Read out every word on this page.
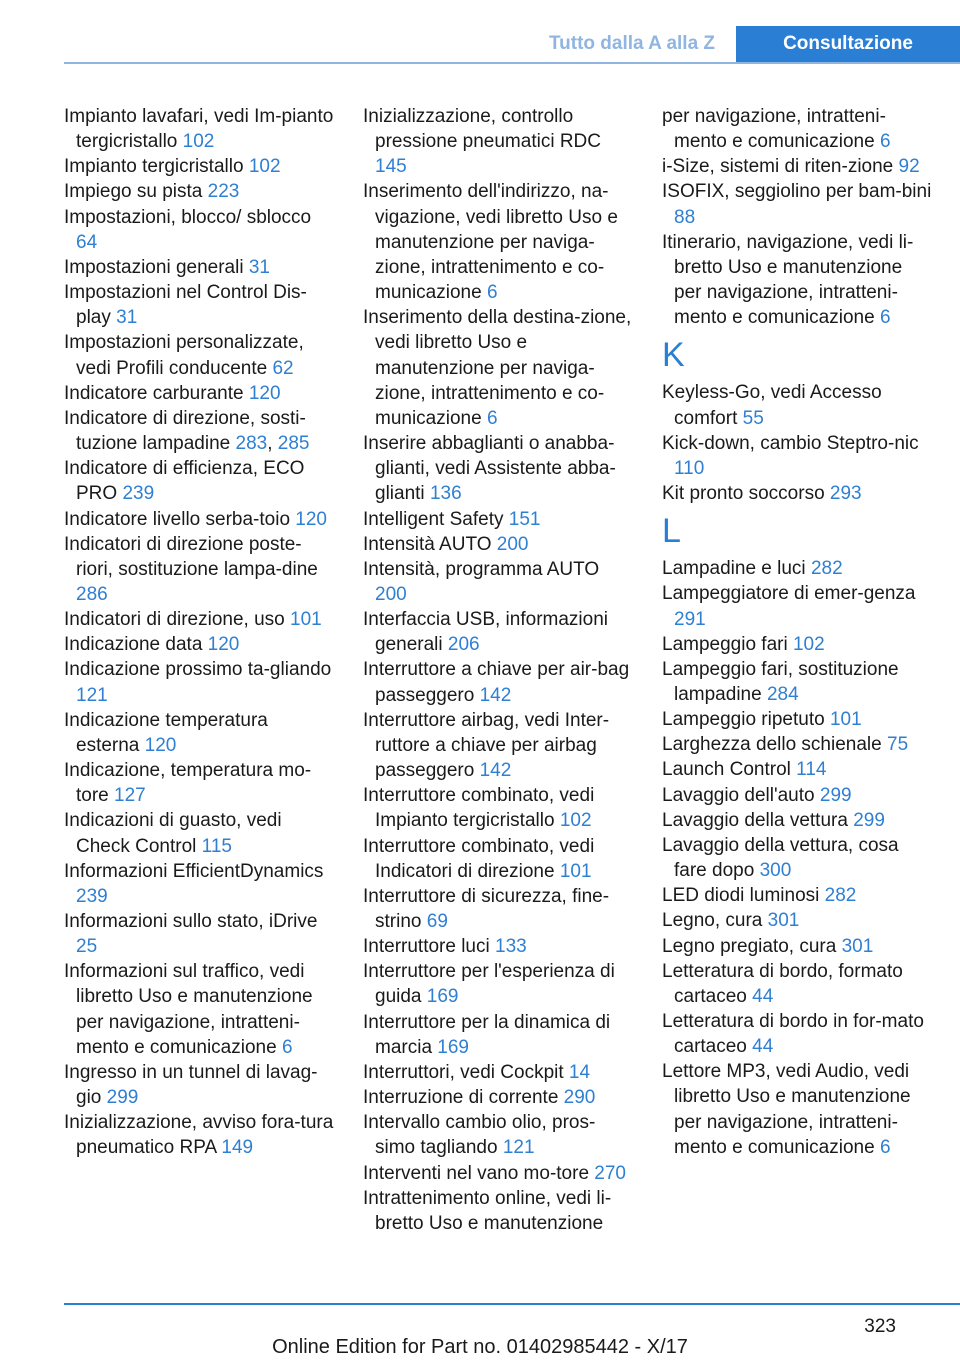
Tutto dalla A alla Z	Consultazione
Impianto lavafari, vedi Im‐pianto tergicristallo 102
Impianto tergicristallo 102
Impiego su pista 223
Impostazioni, blocco/ sblocco 64
Impostazioni generali 31
Impostazioni nel Control Dis‐play 31
Impostazioni personalizzate, vedi Profili conducente 62
Indicatore carburante 120
Indicatore di direzione, sosti‐tuzione lampadine 283, 285
Indicatore di efficienza, ECO PRO 239
Indicatore livello serba‐toio 120
Indicatori di direzione poste‐riori, sostituzione lampa‐dine 286
Indicatori di direzione, uso 101
Indicazione data 120
Indicazione prossimo ta‐gliando 121
Indicazione temperatura esterna 120
Indicazione, temperatura mo‐tore 127
Indicazioni di guasto, vedi Check Control 115
Informazioni EfficientDynamics 239
Informazioni sullo stato, iDrive 25
Informazioni sul traffico, vedi libretto Uso e manutenzione per navigazione, intratteni‐mento e comunicazione 6
Ingresso in un tunnel di lavag‐gio 299
Inizializzazione, avviso fora‐tura pneumatico RPA 149
Inizializzazione, controllo pressione pneumatici RDC 145
Inserimento dell'indirizzo, na‐vigazione, vedi libretto Uso e manutenzione per naviga‐zione, intrattenimento e co‐municazione 6
Inserimento della destina‐zione, vedi libretto Uso e manutenzione per naviga‐zione, intrattenimento e co‐municazione 6
Inserire abbaglianti o anabba‐glianti, vedi Assistente abba‐glianti 136
Intelligent Safety 151
Intensità AUTO 200
Intensità, programma AUTO 200
Interfaccia USB, informazioni generali 206
Interruttore a chiave per air‐bag passeggero 142
Interruttore airbag, vedi Inter‐ruttore a chiave per airbag passeggero 142
Interruttore combinato, vedi Impianto tergicristallo 102
Interruttore combinato, vedi Indicatori di direzione 101
Interruttore di sicurezza, fine‐strino 69
Interruttore luci 133
Interruttore per l'esperienza di guida 169
Interruttore per la dinamica di marcia 169
Interruttori, vedi Cockpit 14
Interruzione di corrente 290
Intervallo cambio olio, pros‐simo tagliando 121
Interventi nel vano mo‐tore 270
Intrattenimento online, vedi li‐bretto Uso e manutenzione
per navigazione, intratteni‐mento e comunicazione 6
i-Size, sistemi di riten‐zione 92
ISOFIX, seggiolino per bam‐bini 88
Itinerario, navigazione, vedi li‐bretto Uso e manutenzione per navigazione, intratteni‐mento e comunicazione 6
K
Keyless-Go, vedi Accesso comfort 55
Kick-down, cambio Steptro‐nic 110
Kit pronto soccorso 293
L
Lampadine e luci 282
Lampeggiatore di emer‐genza 291
Lampeggio fari 102
Lampeggio fari, sostituzione lampadine 284
Lampeggio ripetuto 101
Larghezza dello schienale 75
Launch Control 114
Lavaggio dell'auto 299
Lavaggio della vettura 299
Lavaggio della vettura, cosa fare dopo 300
LED diodi luminosi 282
Legno, cura 301
Legno pregiato, cura 301
Letteratura di bordo, formato cartaceo 44
Letteratura di bordo in for‐mato cartaceo 44
Lettore MP3, vedi Audio, vedi libretto Uso e manutenzione per navigazione, intratteni‐mento e comunicazione 6
323
Online Edition for Part no. 01402985442 - X/17
